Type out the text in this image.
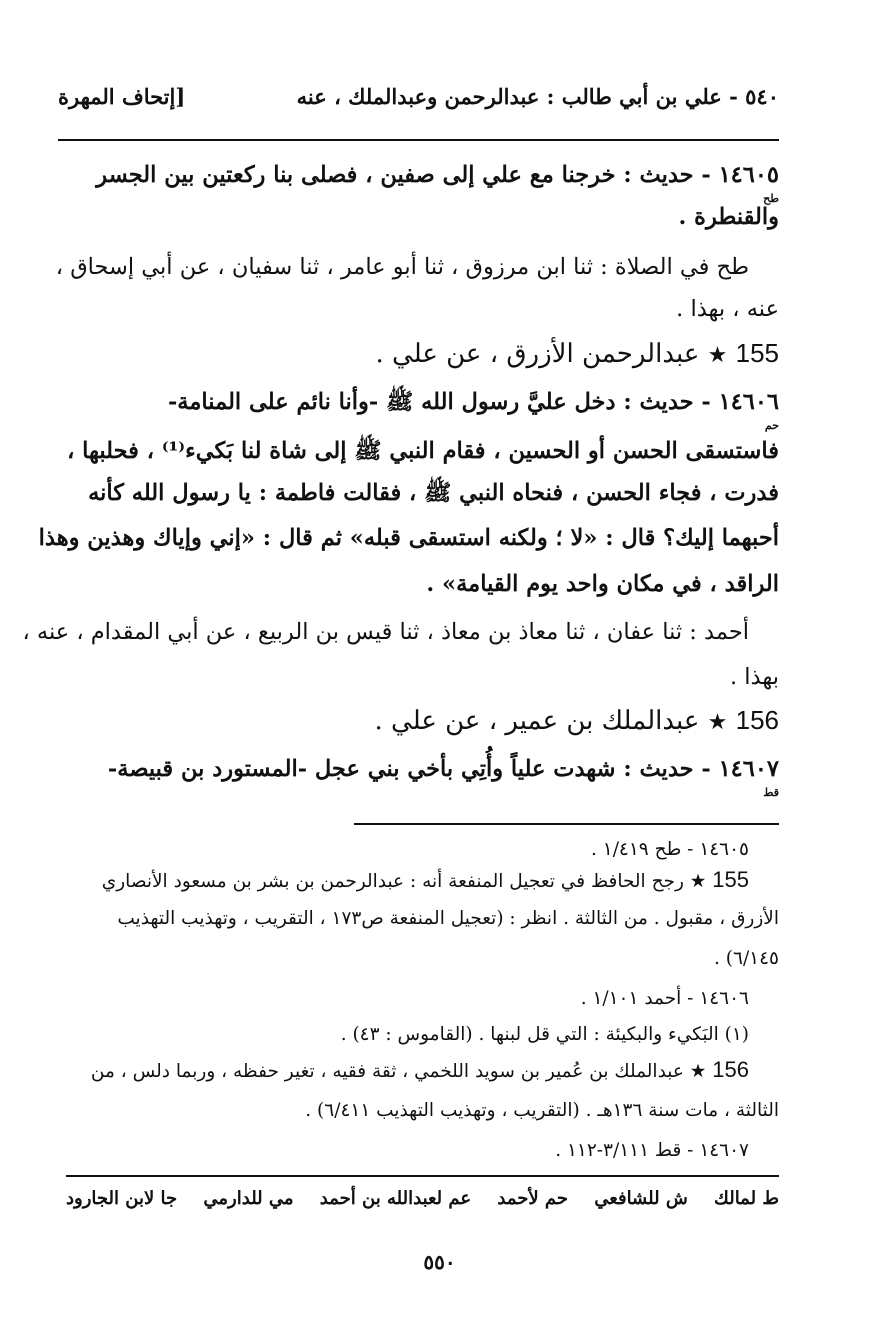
٥٤٠ - علي بن أبي طالب : عبدالرحمن وعبدالملك ، عنه
[إتحاف المهرة
١٤٦٠٥
طح
- حديث : خرجنا مع علي إلى صفين ، فصلى بنا ركعتين بين الجسر
والقنطرة .
طح في الصلاة : ثنا ابن مرزوق ، ثنا أبو عامر ، ثنا سفيان ، عن أبي إسحاق ،
عنه ، بهذا .
155 ★ عبدالرحمن الأزرق ، عن علي .
١٤٦٠٦
حم
- حديث : دخل عليَّ رسول الله ﷺ -وأنا نائم على المنامة-
فاستسقى الحسن أو الحسين ، فقام النبي ﷺ إلى شاة لنا بَكيء⁽¹⁾ ، فحلبها ،
فدرت ، فجاء الحسن ، فنحاه النبي ﷺ ، فقالت فاطمة : يا رسول الله كأنه
أحبهما إليك؟ قال : «لا ؛ ولكنه استسقى قبله» ثم قال : «إني وإياك وهذين وهذا
الراقد ، في مكان واحد يوم القيامة» .
أحمد : ثنا عفان ، ثنا معاذ بن معاذ ، ثنا قيس بن الربيع ، عن أبي المقدام ، عنه ،
بهذا .
156 ★ عبدالملك بن عمير ، عن علي .
١٤٦٠٧
قط
- حديث : شهدت علياً وأُتِي بأخي بني عجل -المستورد بن قبيصة-
١٤٦٠٥ - طح ١/٤١٩ .
155 ★ رجح الحافظ في تعجيل المنفعة أنه : عبدالرحمن بن بشر بن مسعود الأنصاري
الأزرق ، مقبول . من الثالثة . انظر : (تعجيل المنفعة ص١٧٣ ، التقريب ، وتهذيب التهذيب
٦/١٤٥) .
١٤٦٠٦ - أحمد ١/١٠١ .
(١) البَكيء والبكيئة : التي قل لبنها . (القاموس : ٤٣) .
156 ★ عبدالملك بن عُمير بن سويد اللخمي ، ثقة فقيه ، تغير حفظه ، وربما دلس ، من
الثالثة ، مات سنة ١٣٦هـ . (التقريب ، وتهذيب التهذيب ٦/٤١١) .
١٤٦٠٧ - قط ٣/١١١-١١٢ .
ط لمالك
ش للشافعي
حم لأحمد
عم لعبدالله بن أحمد
مي للدارمي
جا لابن الجارود
٥٥٠
